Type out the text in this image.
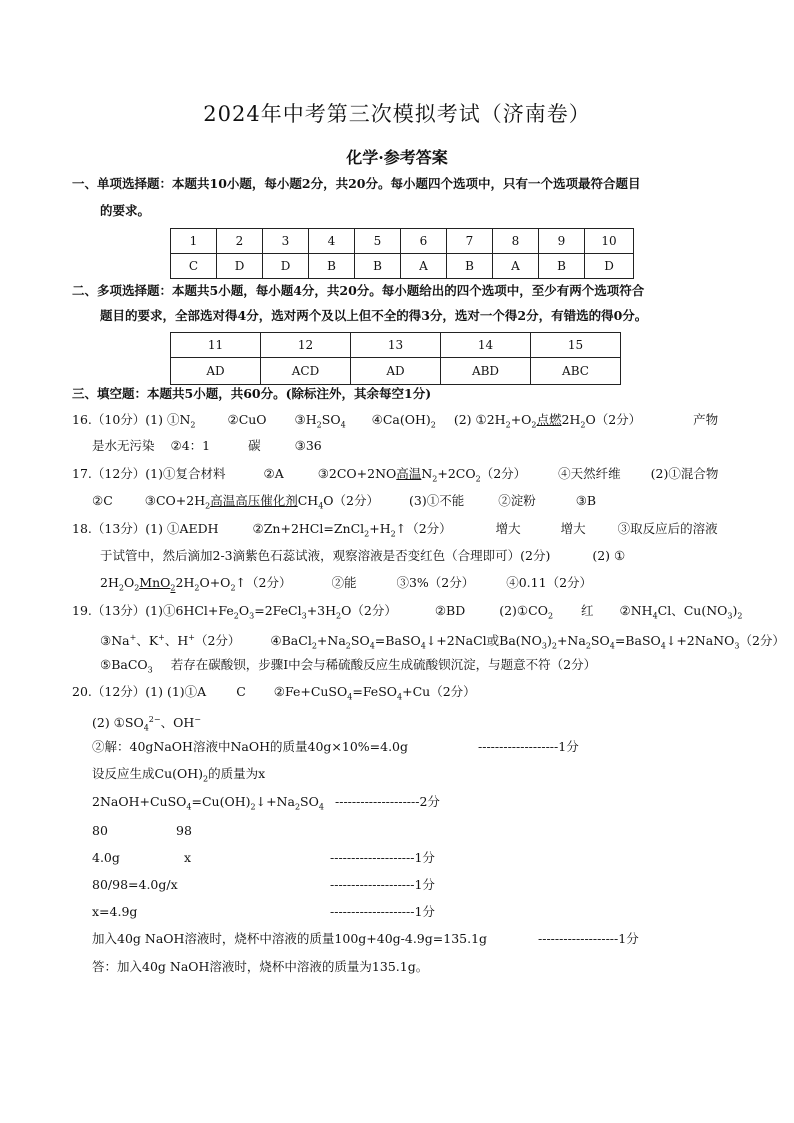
2024年中考第三次模拟考试（济南卷）
化学·参考答案
一、单项选择题：本题共10小题，每小题2分，共20分。每小题四个选项中，只有一个选项最符合题目
的要求。
1	2	3	4	5	6	7	8	9	10
C	D	D	B	B	A	B	A	B	D
二、多项选择题：本题共5小题，每小题4分，共20分。每小题给出的四个选项中，至少有两个选项符合
题目的要求，全部选对得4分，选对两个及以上但不全的得3分，选对一个得2分，有错选的得0分。
11	12	13	14	15
AD	ACD	AD	ABD	ABC
三、填空题：本题共5小题，共60分。(除标注外，其余每空1分)
16.（10分）(1) $①N_2$	②CuO $③H_2SO_4$ $④Ca(OH)_2$ (2) $①2H_2+O_2$点燃$2H_2O(2$分）	产物
是水无污染 ②4：1	碳	③36
17.（12分）(1)①复合材料	②A	③2CO+2NO高温$N_2+2CO_2(2$分）	④天然纤维 (2)①混合物
②C	$③CO+2H_2$高温高压催化剂$CH_4O(2$分） (3)①不能	②淀粉	③B
18.（13分）(1) ①AEDH	$②Zn+2HCl=ZnCl_2+H_2↑(2$分）	增大	增大	③取反应后的溶液
于试管中，然后滴加2-3滴紫色石蕊试液，观察溶液是否变红色（合理即可）(2分)	(2) ①
$2H_2O_2MnO_22H_2O+O_2↑(2$分）	②能	③3%（2分）	④0.11（2分）
19.（13分）$(1)①6HCl+Fe_2O_3=2FeCl_3+3H_2O(2$分）	②BD	$(2)①CO_2$ 红 $②NH_4Cl$、$Cu(NO_3)_2$
③Na+、K+、H+（2分） $④BaCl_2+Na_2SO_4=BaSO_4↓+2NaCl$或$Ba(NO_3)_2+Na_2SO_4=BaSO_4↓+2NaNO_3(2$分）
⑤BaCO$_3$ 若存在碳酸钡，步骤Ⅰ中会与稀硫酸反应生成硫酸钡沉淀，与题意不符（2分）
20.（12分）(1) (1)①A C ②Fe+CuSO$_4$=FeSO$_4$+Cu（2分）
(2) $①SO_4^{2-}$、OH−
②解：40gNaOH溶液中NaOH的质量40g×10%=4.0g	-------------------1分
设反应生成$Cu(OH)_2$的质量为x
$2NaOH+CuSO_4=Cu(OH)_2↓+Na_2SO_4$ --------------------2分
80	98
4.0g	x	--------------------1分
80/98=4.0g/x	--------------------1分
x=4.9g	--------------------1分
加入40g NaOH溶液时，烧杯中溶液的质量100g+40g-4.9g=135.1g	-------------------1分
答：加入40g NaOH溶液时，烧杯中溶液的质量为135.1g。
